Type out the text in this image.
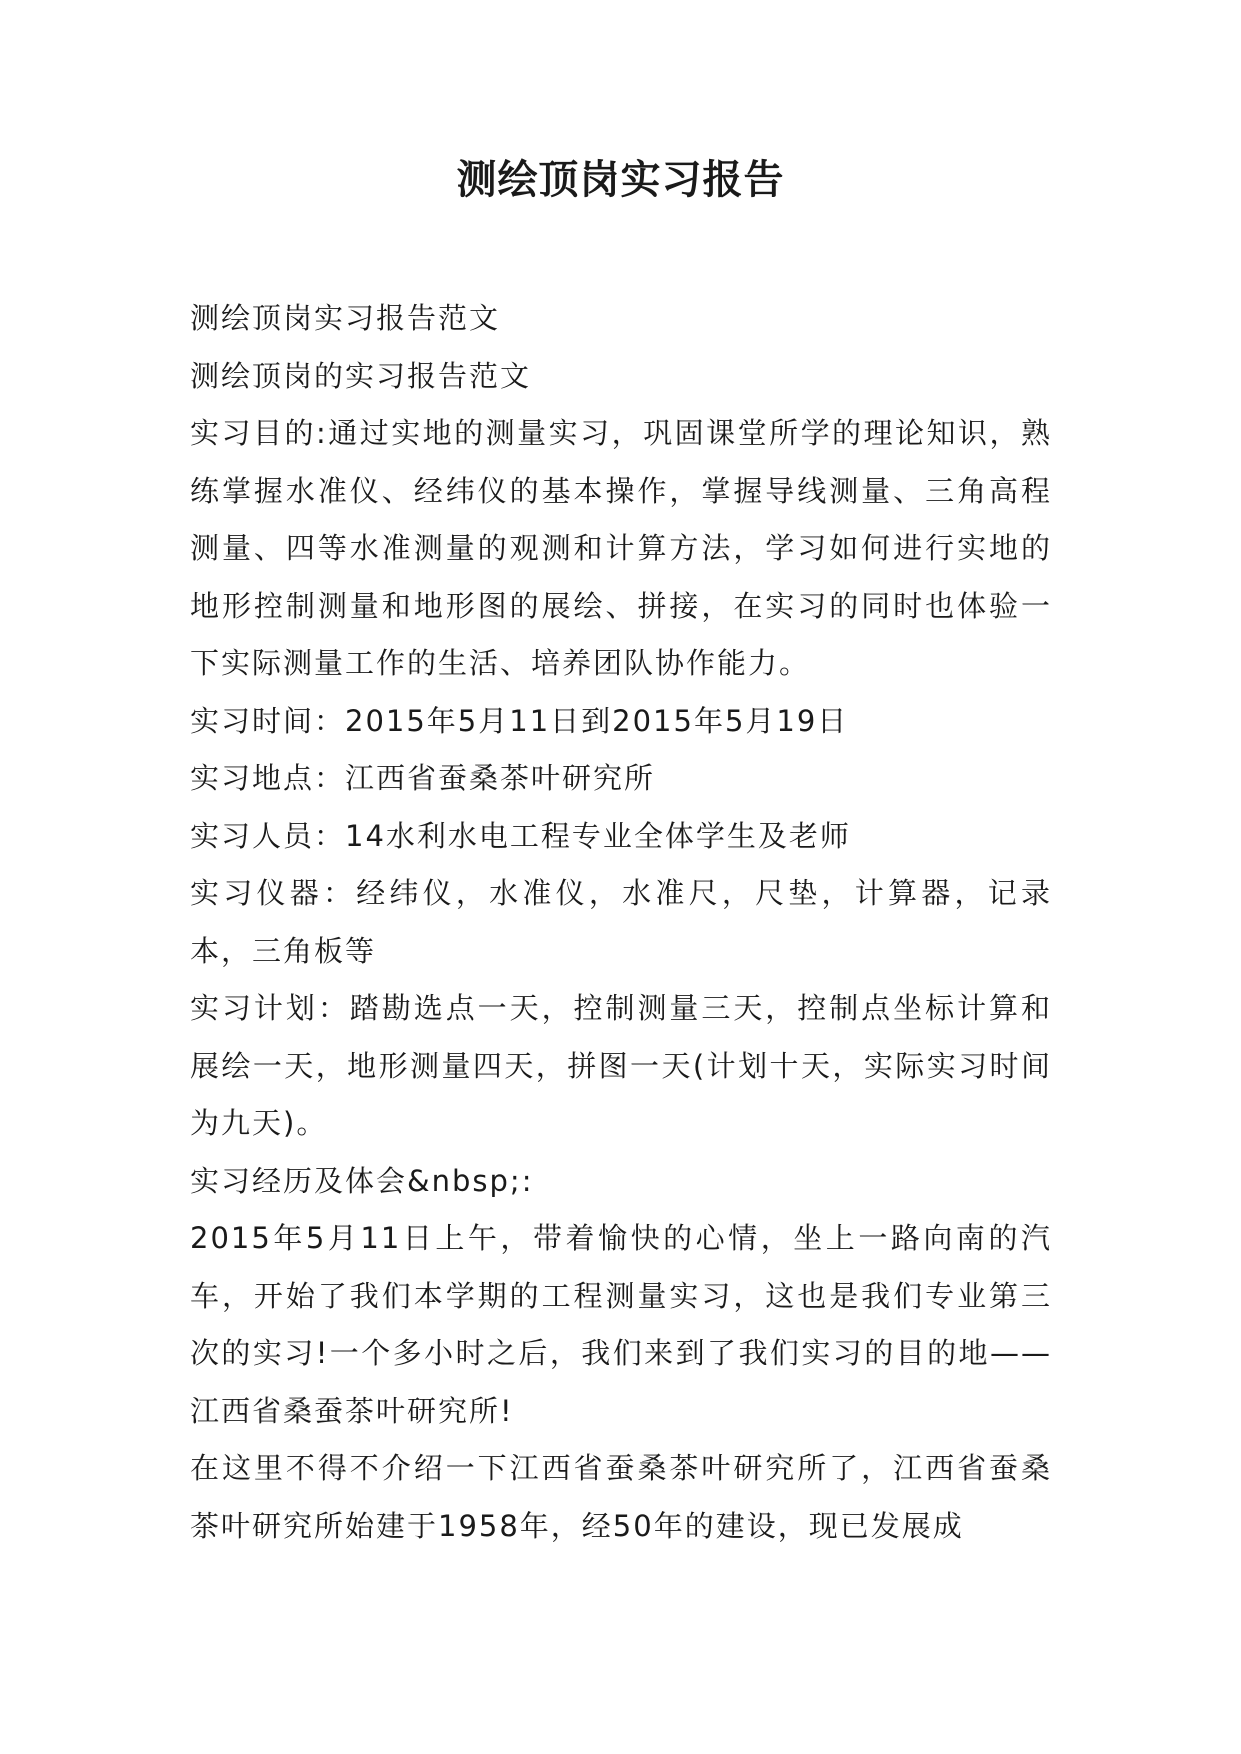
测绘顶岗实习报告

测绘顶岗实习报告范文

测绘顶岗的实习报告范文

实习目的:通过实地的测量实习，巩固课堂所学的理论知识，熟练掌握水准仪、经纬仪的基本操作，掌握导线测量、三角高程测量、四等水准测量的观测和计算方法，学习如何进行实地的地形控制测量和地形图的展绘、拼接，在实习的同时也体验一下实际测量工作的生活、培养团队协作能力。

实习时间：2015年5月11日到2015年5月19日

实习地点：江西省蚕桑茶叶研究所

实习人员：14水利水电工程专业全体学生及老师

实习仪器：经纬仪，水准仪，水准尺，尺垫，计算器，记录本，三角板等

实习计划：踏勘选点一天，控制测量三天，控制点坐标计算和展绘一天，地形测量四天，拼图一天(计划十天，实际实习时间为九天)。

实习经历及体会&nbsp;:

2015年5月11日上午，带着愉快的心情，坐上一路向南的汽车，开始了我们本学期的工程测量实习，这也是我们专业第三次的实习!一个多小时之后，我们来到了我们实习的目的地——江西省桑蚕茶叶研究所!

在这里不得不介绍一下江西省蚕桑茶叶研究所了，江西省蚕桑茶叶研究所始建于1958年，经50年的建设，现已发展成
